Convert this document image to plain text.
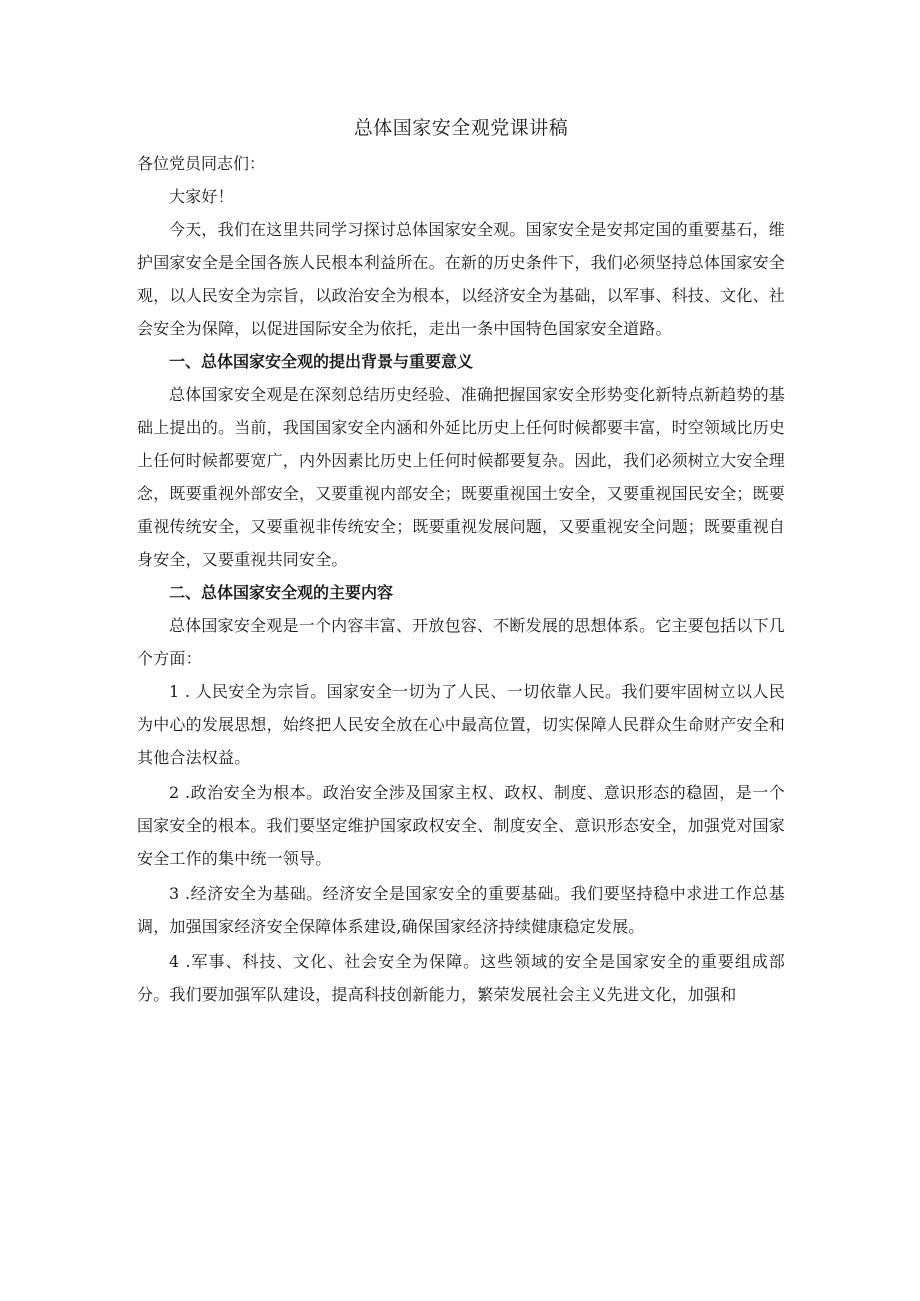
总体国家安全观党课讲稿

各位党员同志们：

大家好！

今天，我们在这里共同学习探讨总体国家安全观。国家安全是安邦定国的重要基石，维护国家安全是全国各族人民根本利益所在。在新的历史条件下，我们必须坚持总体国家安全观，以人民安全为宗旨，以政治安全为根本，以经济安全为基础，以军事、科技、文化、社会安全为保障，以促进国际安全为依托，走出一条中国特色国家安全道路。

一、总体国家安全观的提出背景与重要意义

总体国家安全观是在深刻总结历史经验、准确把握国家安全形势变化新特点新趋势的基础上提出的。当前，我国国家安全内涵和外延比历史上任何时候都要丰富，时空领域比历史上任何时候都要宽广，内外因素比历史上任何时候都要复杂。因此，我们必须树立大安全理念，既要重视外部安全，又要重视内部安全；既要重视国土安全，又要重视国民安全；既要重视传统安全，又要重视非传统安全；既要重视发展问题，又要重视安全问题；既要重视自身安全，又要重视共同安全。

二、总体国家安全观的主要内容

总体国家安全观是一个内容丰富、开放包容、不断发展的思想体系。它主要包括以下几个方面：

1 . 人民安全为宗旨。国家安全一切为了人民、一切依靠人民。我们要牢固树立以人民为中心的发展思想，始终把人民安全放在心中最高位置，切实保障人民群众生命财产安全和其他合法权益。

2 .政治安全为根本。政治安全涉及国家主权、政权、制度、意识形态的稳固，是一个国家安全的根本。我们要坚定维护国家政权安全、制度安全、意识形态安全，加强党对国家安全工作的集中统一领导。

3 .经济安全为基础。经济安全是国家安全的重要基础。我们要坚持稳中求进工作总基调，加强国家经济安全保障体系建设,确保国家经济持续健康稳定发展。

4 .军事、科技、文化、社会安全为保障。这些领域的安全是国家安全的重要组成部分。我们要加强军队建设，提高科技创新能力，繁荣发展社会主义先进文化，加强和
